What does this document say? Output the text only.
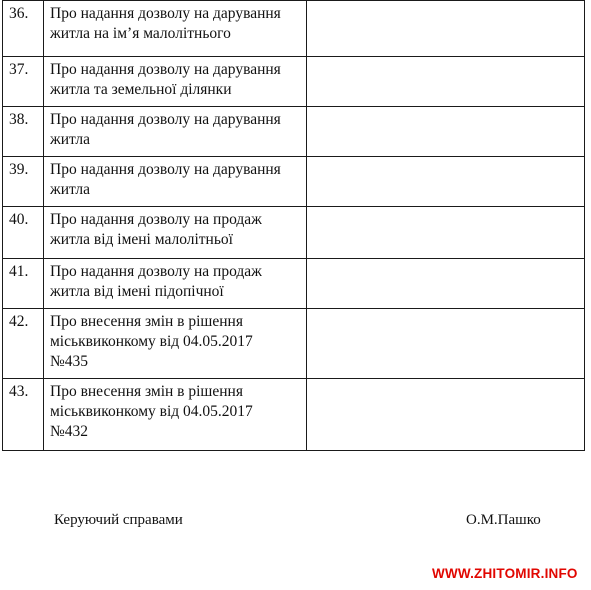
36.	Про надання дозволу на дарування
житла на ім’я малолітнього	

37.	Про надання дозволу на дарування
житла та земельної ділянки	

38.	Про надання дозволу на дарування
житла	

39.	Про надання дозволу на дарування
житла	

40.	Про надання дозволу на продаж
житла від імені малолітньої	

41.	Про надання дозволу на продаж
житла від імені підопічної	

42.	Про внесення змін в рішення
міськвиконкому від 04.05.2017
№435	

43.	Про внесення змін в рішення
міськвиконкому від 04.05.2017
№432	

Керуючий справами	О.М.Пашко
WWW.ZHITOMIR.INFO
